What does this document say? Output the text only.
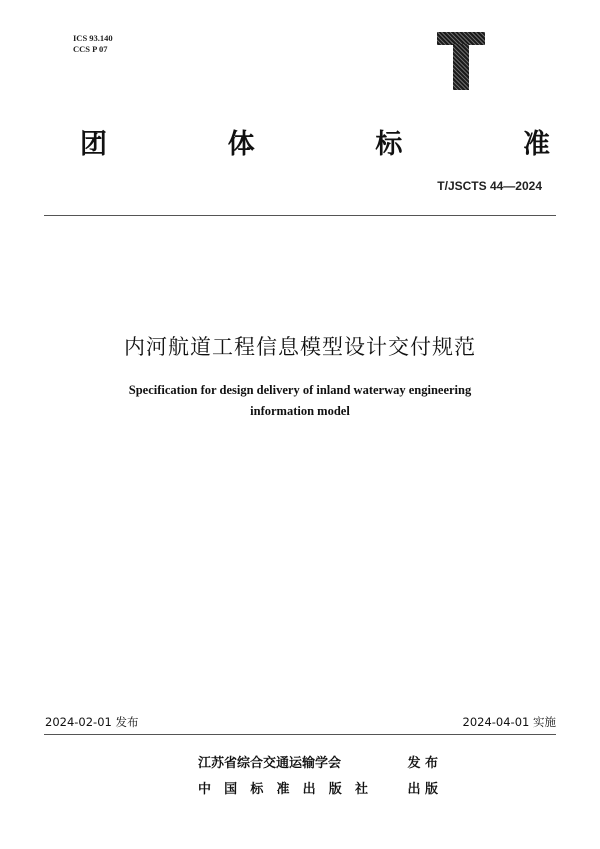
ICS 93.140
CCS P 07
团	体	标	准
T/JSCTS 44—2024
内河航道工程信息模型设计交付规范
Specification for design delivery of inland waterway engineering
information model
2024-02-01 发布	2024-04-01 实施
江苏省综合交通运输学会	发 布
中 国 标 准 出 版 社	出 版
